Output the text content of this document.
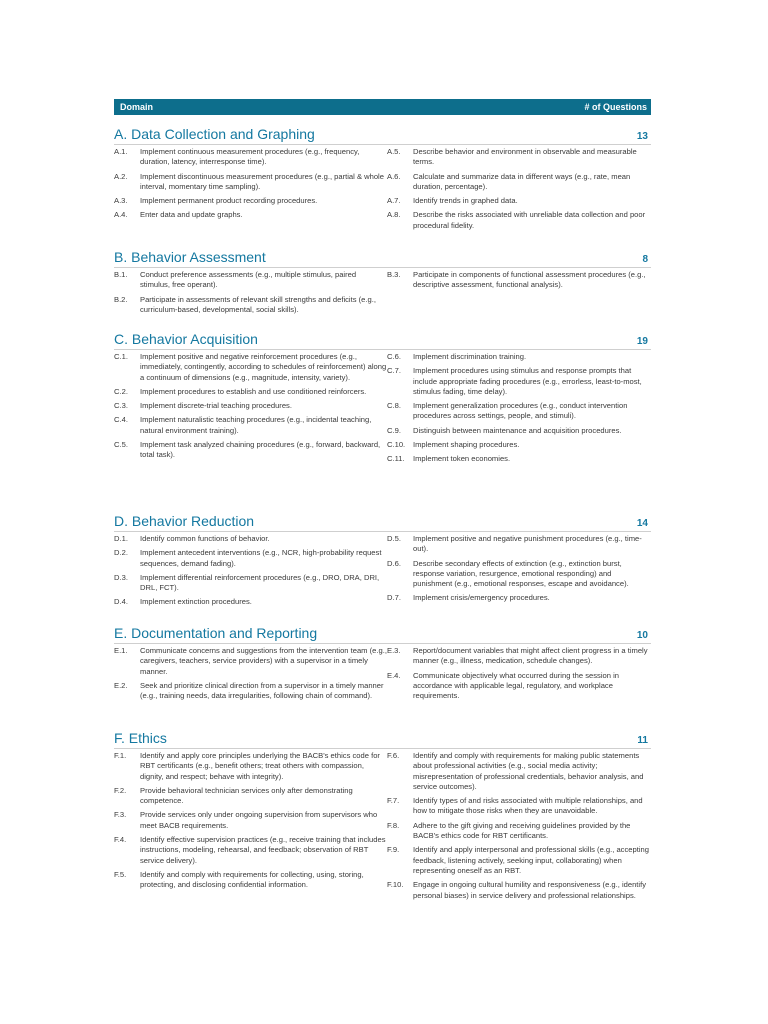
Domain	# of Questions
A. Data Collection and Graphing	13
A.1.	Implement continuous measurement procedures (e.g., frequency, duration, latency, interresponse time).
A.2.	Implement discontinuous measurement procedures (e.g., partial & whole interval, momentary time sampling).
A.3.	Implement permanent product recording procedures.
A.4.	Enter data and update graphs.
A.5.	Describe behavior and environment in observable and measurable terms.
A.6.	Calculate and summarize data in different ways (e.g., rate, mean duration, percentage).
A.7.	Identify trends in graphed data.
A.8.	Describe the risks associated with unreliable data collection and poor procedural fidelity.
B. Behavior Assessment	8
B.1.	Conduct preference assessments (e.g., multiple stimulus, paired stimulus, free operant).
B.2.	Participate in assessments of relevant skill strengths and deficits (e.g., curriculum-based, developmental, social skills).
B.3.	Participate in components of functional assessment procedures (e.g., descriptive assessment, functional analysis).
C. Behavior Acquisition	19
C.1.	Implement positive and negative reinforcement procedures (e.g., immediately, contingently, according to schedules of reinforcement) along a continuum of dimensions (e.g., magnitude, intensity, variety).
C.2.	Implement procedures to establish and use conditioned reinforcers.
C.3.	Implement discrete-trial teaching procedures.
C.4.	Implement naturalistic teaching procedures (e.g., incidental teaching, natural environment training).
C.5.	Implement task analyzed chaining procedures (e.g., forward, backward, total task).
C.6.	Implement discrimination training.
C.7.	Implement procedures using stimulus and response prompts that include appropriate fading procedures (e.g., errorless, least-to-most, stimulus fading, time delay).
C.8.	Implement generalization procedures (e.g., conduct intervention procedures across settings, people, and stimuli).
C.9.	Distinguish between maintenance and acquisition procedures.
C.10.	Implement shaping procedures.
C.11.	Implement token economies.
D. Behavior Reduction	14
D.1.	Identify common functions of behavior.
D.2.	Implement antecedent interventions (e.g., NCR, high-probability request sequences, demand fading).
D.3.	Implement differential reinforcement procedures (e.g., DRO, DRA, DRI, DRL, FCT).
D.4.	Implement extinction procedures.
D.5.	Implement positive and negative punishment procedures (e.g., time-out).
D.6.	Describe secondary effects of extinction (e.g., extinction burst, response variation, resurgence, emotional responding) and punishment (e.g., emotional responses, escape and avoidance).
D.7.	Implement crisis/emergency procedures.
E. Documentation and Reporting	10
E.1.	Communicate concerns and suggestions from the intervention team (e.g., caregivers, teachers, service providers) with a supervisor in a timely manner.
E.2.	Seek and prioritize clinical direction from a supervisor in a timely manner (e.g., training needs, data irregularities, following chain of command).
E.3.	Report/document variables that might affect client progress in a timely manner (e.g., illness, medication, schedule changes).
E.4.	Communicate objectively what occurred during the session in accordance with applicable legal, regulatory, and workplace requirements.
F. Ethics	11
F.1.	Identify and apply core principles underlying the BACB's ethics code for RBT certificants (e.g., benefit others; treat others with compassion, dignity, and respect; behave with integrity).
F.2.	Provide behavioral technician services only after demonstrating competence.
F.3.	Provide services only under ongoing supervision from supervisors who meet BACB requirements.
F.4.	Identify effective supervision practices (e.g., receive training that includes instructions, modeling, rehearsal, and feedback; observation of RBT service delivery).
F.5.	Identify and comply with requirements for collecting, using, storing, protecting, and disclosing confidential information.
F.6.	Identify and comply with requirements for making public statements about professional activities (e.g., social media activity; misrepresentation of professional credentials, behavior analysis, and service outcomes).
F.7.	Identify types of and risks associated with multiple relationships, and how to mitigate those risks when they are unavoidable.
F.8.	Adhere to the gift giving and receiving guidelines provided by the BACB's ethics code for RBT certificants.
F.9.	Identify and apply interpersonal and professional skills (e.g., accepting feedback, listening actively, seeking input, collaborating) when representing oneself as an RBT.
F.10.	Engage in ongoing cultural humility and responsiveness (e.g., identify personal biases) in service delivery and professional relationships.
